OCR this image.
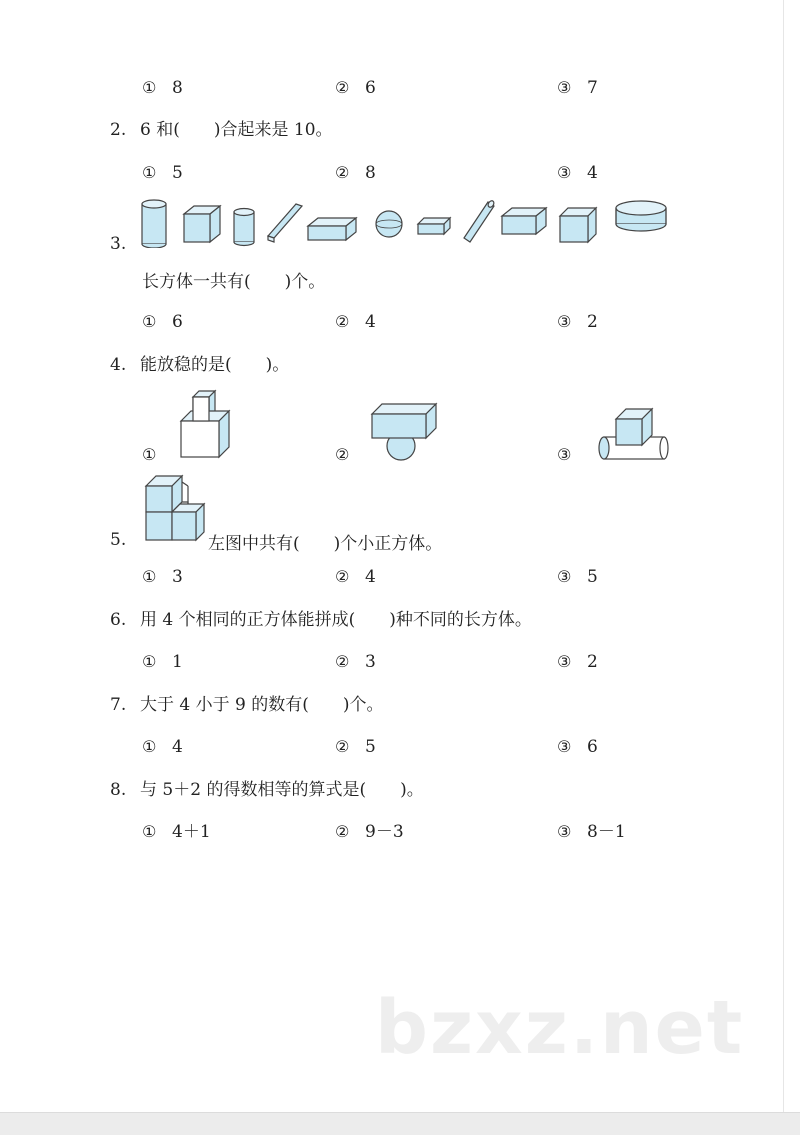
① 8	② 6	③ 7
2. 6 和(　　)合起来是 10。
① 5	② 8	③ 4
3.
长方体一共有(　　)个。
① 6	② 4	③ 2
4. 能放稳的是(　　)。
①	②	③
5.	左图中共有(　　)个小正方体。
① 3	② 4	③ 5
6. 用 4 个相同的正方体能拼成(　　)种不同的长方体。
① 1	② 3	③ 2
7. 大于 4 小于 9 的数有(　　)个。
① 4	② 5	③ 6
8. 与 5＋2 的得数相等的算式是(　　)。
① 4＋1	② 9－3	③ 8－1
bzxz.net
